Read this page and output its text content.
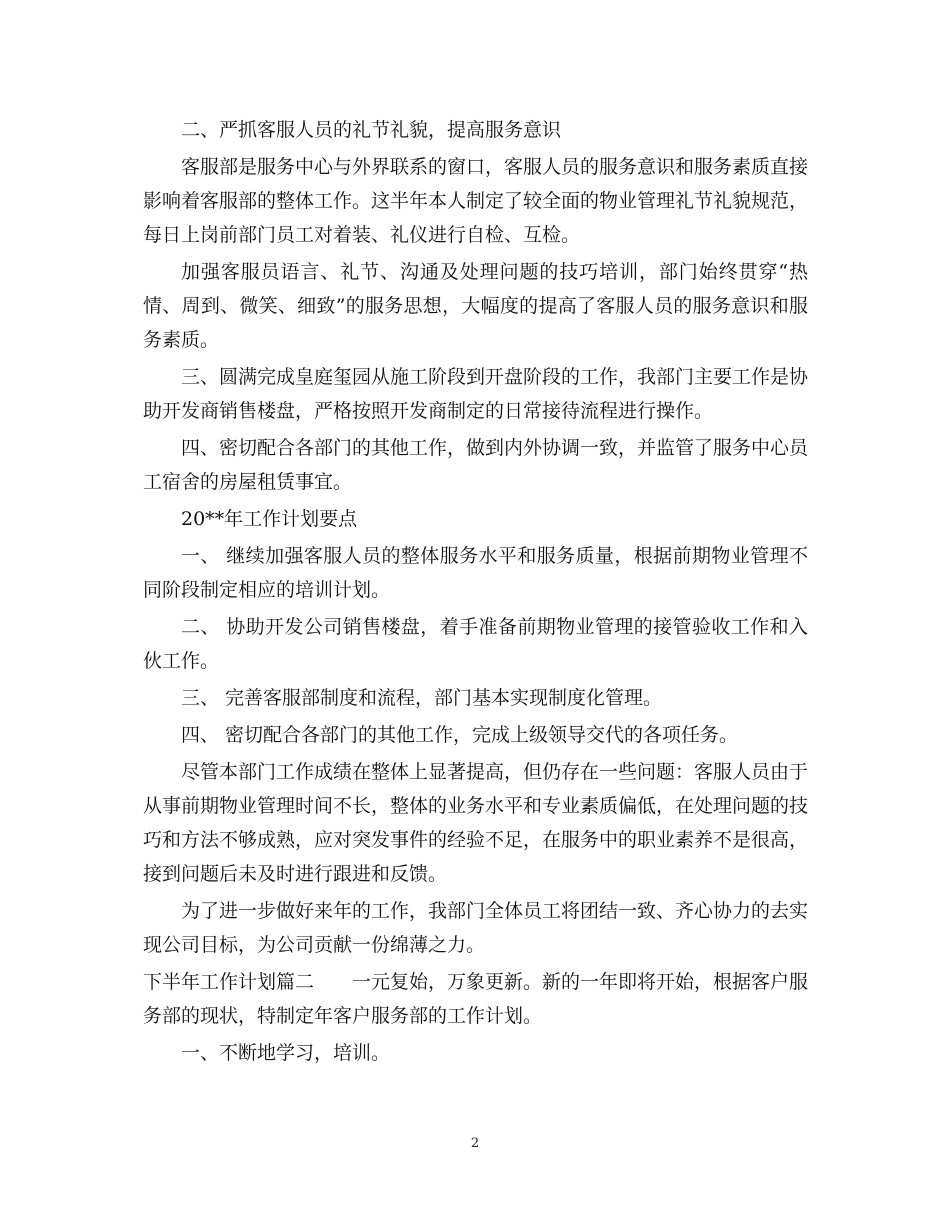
二、严抓客服人员的礼节礼貌，提高服务意识

客服部是服务中心与外界联系的窗口，客服人员的服务意识和服务素质直接影响着客服部的整体工作。这半年本人制定了较全面的物业管理礼节礼貌规范，每日上岗前部门员工对着装、礼仪进行自检、互检。

加强客服员语言、礼节、沟通及处理问题的技巧培训，部门始终贯穿“热情、周到、微笑、细致”的服务思想，大幅度的提高了客服人员的服务意识和服务素质。

三、圆满完成皇庭玺园从施工阶段到开盘阶段的工作，我部门主要工作是协助开发商销售楼盘，严格按照开发商制定的日常接待流程进行操作。

四、密切配合各部门的其他工作，做到内外协调一致，并监管了服务中心员工宿舍的房屋租赁事宜。

20**年工作计划要点

一、 继续加强客服人员的整体服务水平和服务质量，根据前期物业管理不同阶段制定相应的培训计划。

二、 协助开发公司销售楼盘，着手准备前期物业管理的接管验收工作和入伙工作。

三、 完善客服部制度和流程，部门基本实现制度化管理。

四、 密切配合各部门的其他工作，完成上级领导交代的各项任务。

尽管本部门工作成绩在整体上显著提高，但仍存在一些问题：客服人员由于从事前期物业管理时间不长，整体的业务水平和专业素质偏低，在处理问题的技巧和方法不够成熟，应对突发事件的经验不足，在服务中的职业素养不是很高，接到问题后未及时进行跟进和反馈。

为了进一步做好来年的工作，我部门全体员工将团结一致、齐心协力的去实现公司目标，为公司贡献一份绵薄之力。

下半年工作计划篇二　　一元复始，万象更新。新的一年即将开始，根据客户服务部的现状，特制定年客户服务部的工作计划。

一、不断地学习，培训。

2
